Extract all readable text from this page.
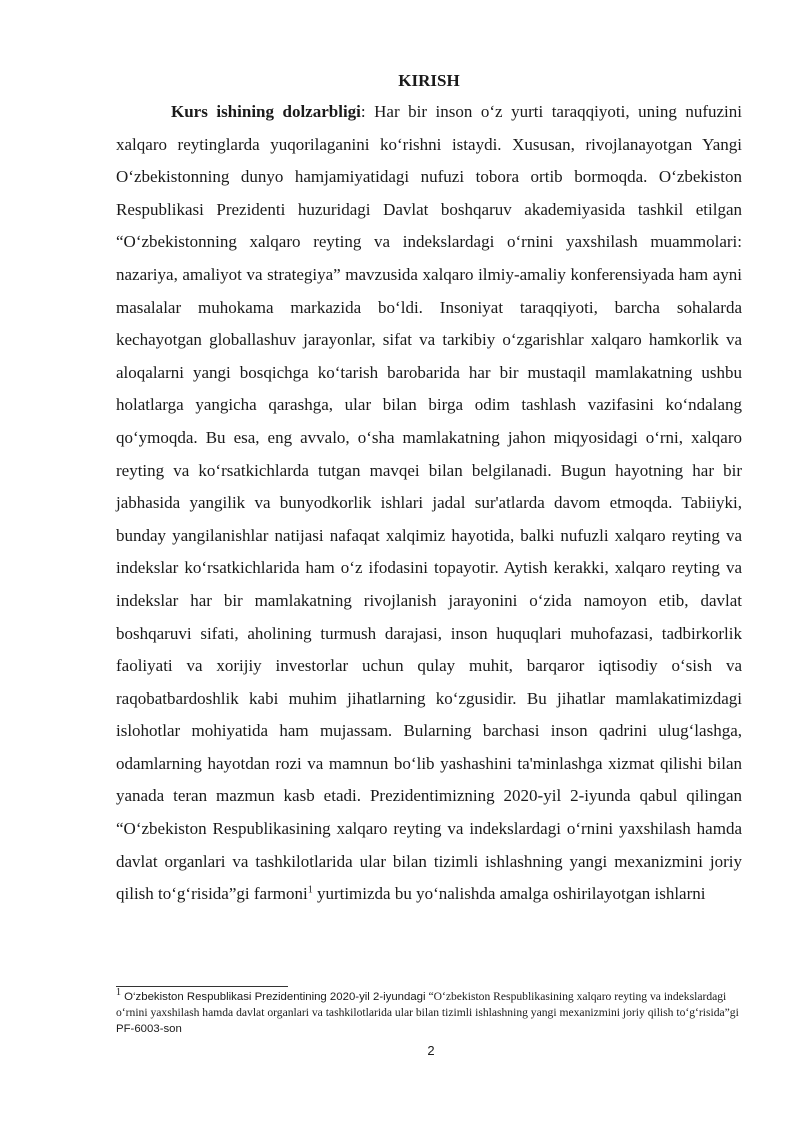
KIRISH

Kurs ishining dolzarbligi: Har bir inson o‘z yurti taraqqiyoti, uning nufuzini xalqaro reytinglarda yuqorilaganini ko‘rishni istaydi. Xususan, rivojlanayotgan Yangi O‘zbekistonning dunyo hamjamiyatidagi nufuzi tobora ortib bormoqda. O‘zbekiston Respublikasi Prezidenti huzuridagi Davlat boshqaruv akademiyasida tashkil etilgan “O‘zbekistonning xalqaro reyting va indekslardagi o‘rnini yaxshilash muammolari: nazariya, amaliyot va strategiya” mavzusida xalqaro ilmiy-amaliy konferensiyada ham ayni masalalar muhokama markazida bo‘ldi. Insoniyat taraqqiyoti, barcha sohalarda kechayotgan globallashuv jarayonlar, sifat va tarkibiy o‘zgarishlar xalqaro hamkorlik va aloqalarni yangi bosqichga ko‘tarish barobarida har bir mustaqil mamlakatning ushbu holatlarga yangicha qarashga, ular bilan birga odim tashlash vazifasini ko‘ndalang qo‘ymoqda. Bu esa, eng avvalo, o‘sha mamlakatning jahon miqyosidagi o‘rni, xalqaro reyting va ko‘rsatkichlarda tutgan mavqei bilan belgilanadi. Bugun hayotning har bir jabhasida yangilik va bunyodkorlik ishlari jadal sur'atlarda davom etmoqda. Tabiiyki, bunday yangilanishlar natijasi nafaqat xalqimiz hayotida, balki nufuzli xalqaro reyting va indekslar ko‘rsatkichlarida ham o‘z ifodasini topayotir. Aytish kerakki, xalqaro reyting va indekslar har bir mamlakatning rivojlanish jarayonini o‘zida namoyon etib, davlat boshqaruvi sifati, aholining turmush darajasi, inson huquqlari muhofazasi, tadbirkorlik faoliyati va xorijiy investorlar uchun qulay muhit, barqaror iqtisodiy o‘sish va raqobatbardoshlik kabi muhim jihatlarning ko‘zgusidir. Bu jihatlar mamlakatimizdagi islohotlar mohiyatida ham mujassam. Bularning barchasi inson qadrini ulug‘lashga, odamlarning hayotdan rozi va mamnun bo‘lib yashashini ta'minlashga xizmat qilishi bilan yanada teran mazmun kasb etadi. Prezidentimizning 2020-yil 2-iyunda qabul qilingan “O‘zbekiston Respublikasining xalqaro reyting va indekslardagi o‘rnini yaxshilash hamda davlat organlari va tashkilotlarida ular bilan tizimli ishlashning yangi mexanizmini joriy qilish to‘g‘risida”gi farmoni$^1$ yurtimizda bu yo‘nalishda amalga oshirilayotgan ishlarni

$^1$ O‘zbekiston Respublikasi Prezidentining 2020-yil 2-iyundagi “O‘zbekiston Respublikasining xalqaro reyting va indekslardagi o‘rnini yaxshilash hamda davlat organlari va tashkilotlarida ular bilan tizimli ishlashning yangi mexanizmini joriy qilish to‘g‘risida”gi PF-6003-son
2
